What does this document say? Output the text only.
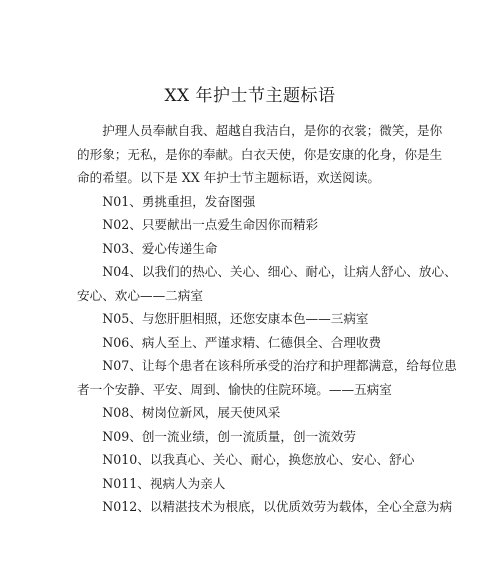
XX 年护士节主题标语

护理人员奉献自我、超越自我洁白，是你的衣裳；微笑，是你
的形象；无私，是你的奉献。白衣天使，你是安康的化身，你是生
命的希望。以下是 XX 年护士节主题标语，欢送阅读。

N01、勇挑重担，发奋图强

N02、只要献出一点爱生命因你而精彩

N03、爱心传递生命

N04、以我们的热心、关心、细心、耐心，让病人舒心、放心、
安心、欢心——二病室

N05、与您肝胆相照，还您安康本色——三病室

N06、病人至上、严谨求精、仁德俱全、合理收费

N07、让每个患者在该科所承受的治疗和护理都满意，给每位患
者一个安静、平安、周到、愉快的住院环境。——五病室

N08、树岗位新风，展天使风采

N09、创一流业绩，创一流质量，创一流效劳

N010、以我真心、关心、耐心，换您放心、安心、舒心

N011、视病人为亲人

N012、以精湛技术为根底，以优质效劳为载体，全心全意为病
